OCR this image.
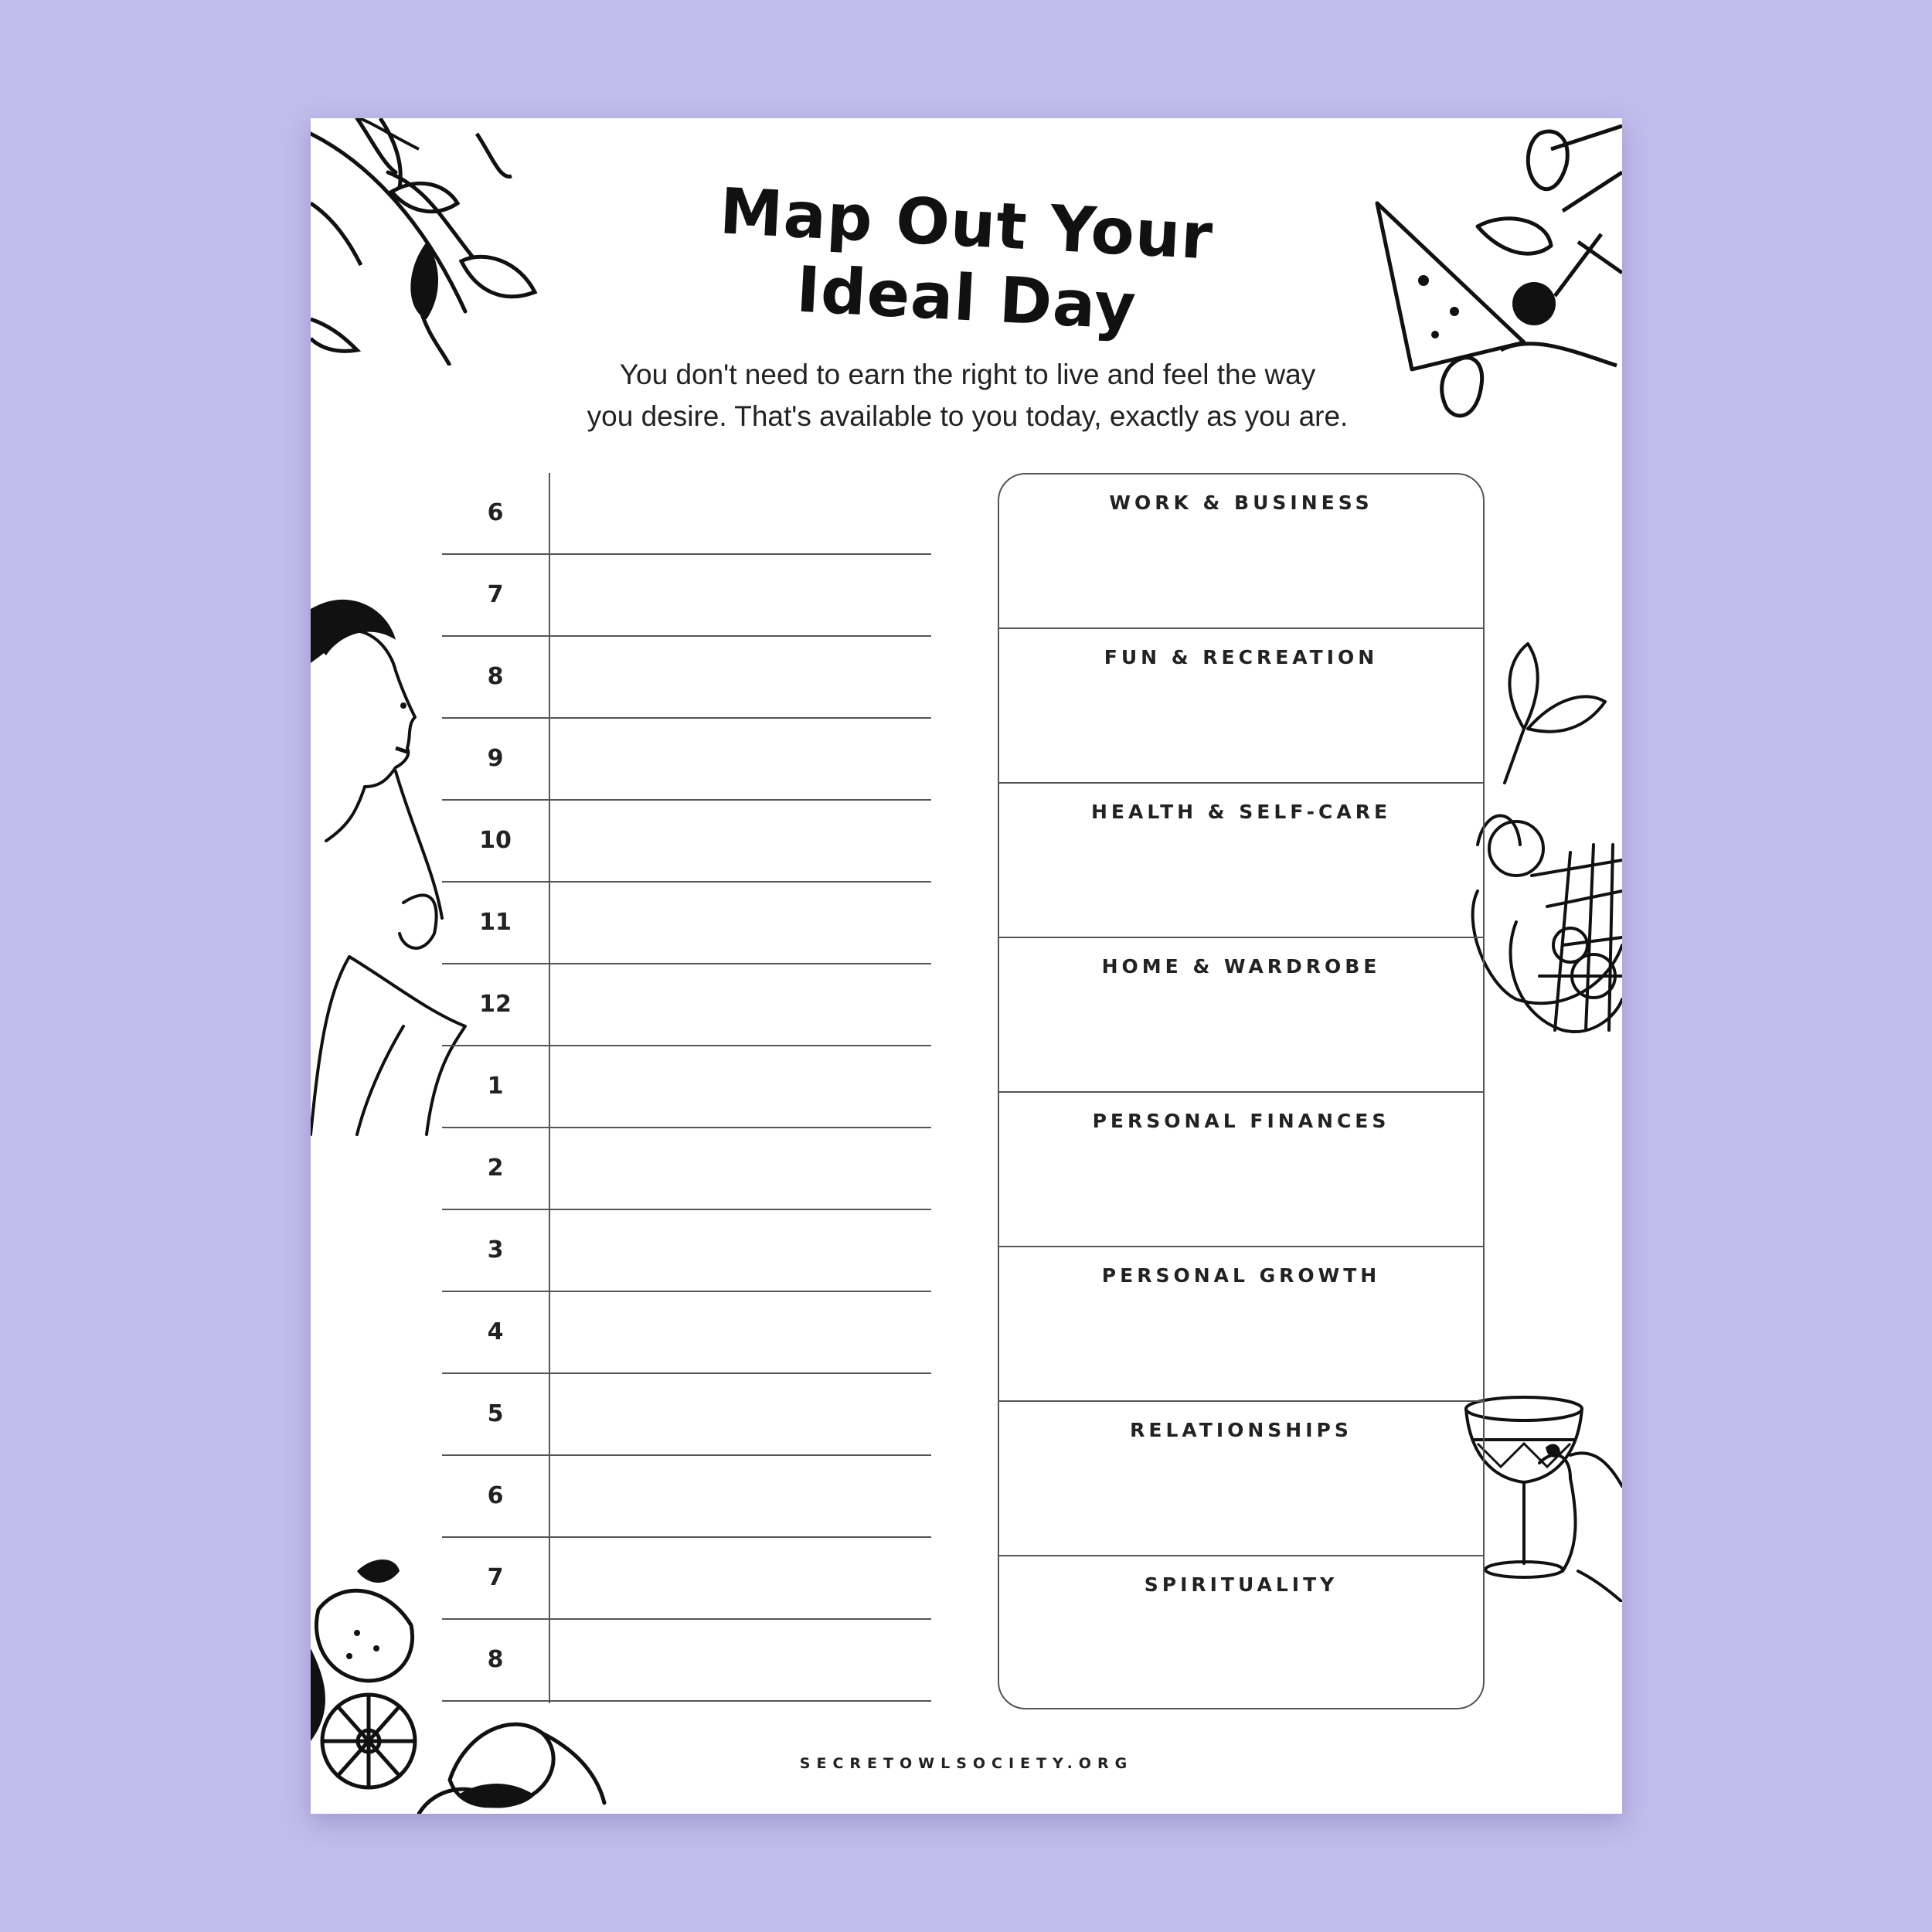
Map Out Your
Ideal Day
You don't need to earn the right to live and feel the way
you desire. That's available to you today, exactly as you are.
6
7
8
9
10
11
12
1
2
3
4
5
6
7
8
WORK & BUSINESS
FUN & RECREATION
HEALTH & SELF-CARE
HOME & WARDROBE
PERSONAL FINANCES
PERSONAL GROWTH
RELATIONSHIPS
SPIRITUALITY
SECRETOWLSOCIETY.ORG
